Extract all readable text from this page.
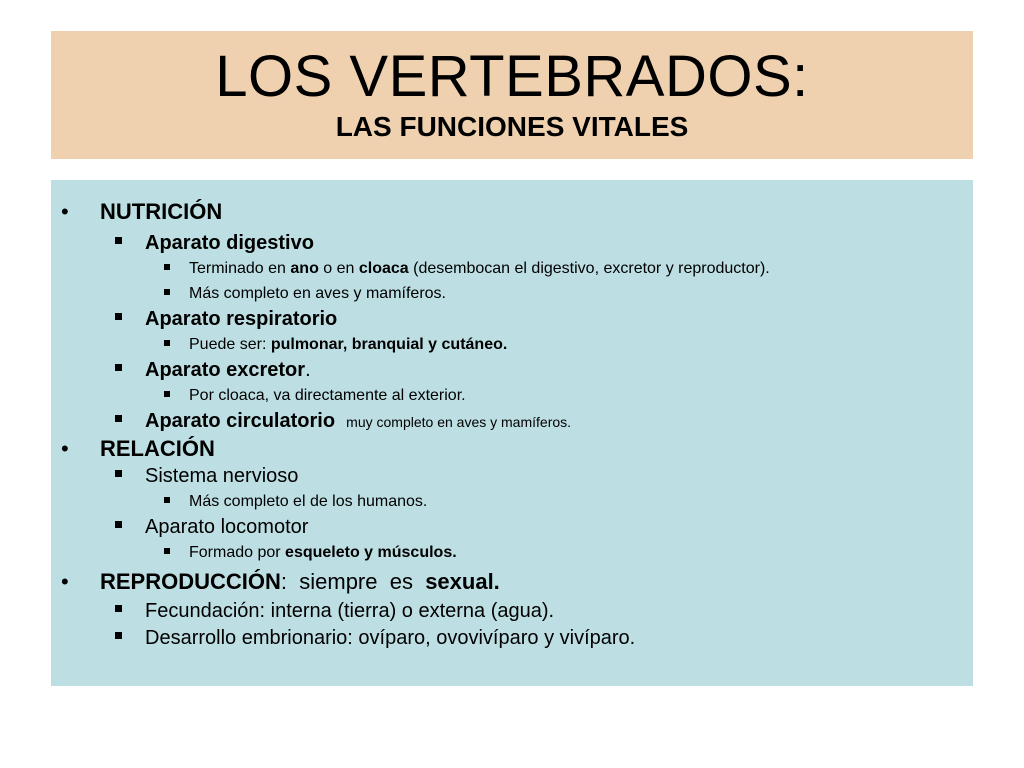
LOS VERTEBRADOS:
LAS FUNCIONES VITALES
• NUTRICIÓN
Aparato digestivo
Terminado en ano o en cloaca (desembocan el digestivo, excretor y reproductor).
Más completo en aves y mamíferos.
Aparato respiratorio
Puede ser: pulmonar, branquial y cutáneo.
Aparato excretor.
Por cloaca, va directamente al exterior.
Aparato circulatorio muy completo en aves y mamíferos.
• RELACIÓN
Sistema nervioso
Más completo el de los humanos.
Aparato locomotor
Formado por esqueleto y músculos.
• REPRODUCCIÓN:  siempre  es  sexual.
Fecundación: interna (tierra) o externa (agua).
Desarrollo embrionario: ovíparo, ovovivíparo y vivíparo.
